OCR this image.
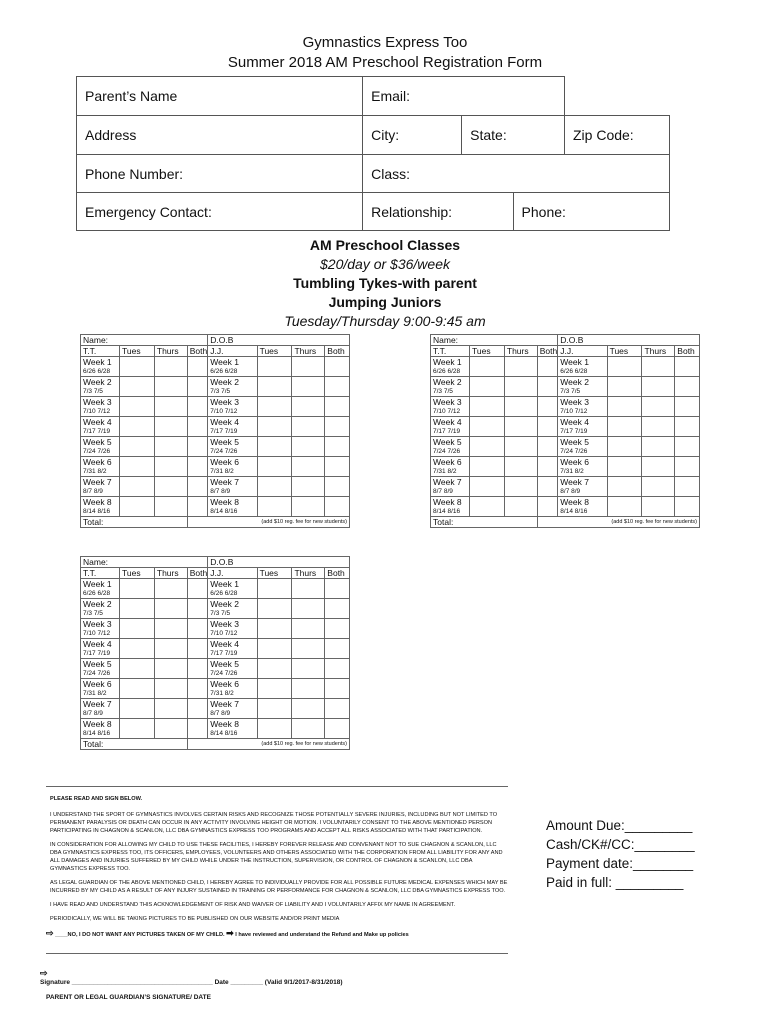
Gymnastics Express Too
Summer 2018 AM Preschool Registration Form
Parent’s Name	Email:			
Address	City:	State:		Zip Code:
Phone Number:	Class:			
Emergency Contact:	Relationship:		Phone:	
AM Preschool Classes
$20/day or $36/week
Tumbling Tykes-with parent
Jumping Juniors
Tuesday/Thursday 9:00-9:45 am
Name:				D.O.B			
T.T.	Tues	Thurs	Both	J.J.	Tues	Thurs	Both
Week 1				Week 1			
6/26 6/28				6/26 6/28			
Week 2				Week 2			
7/3 7/5				7/3 7/5			
Week 3				Week 3			
7/10 7/12				7/10 7/12			
Week 4				Week 4			
7/17 7/19				7/17 7/19			
Week 5				Week 5			
7/24 7/26				7/24 7/26			
Week 6				Week 6			
7/31 8/2				7/31 8/2			
Week 7				Week 7			
8/7 8/9				8/7 8/9			
Week 8				Week 8			
8/14 8/16				8/14 8/16			
Total:			(add $10 reg. fee for new students)				
Name:				D.O.B			
T.T.	Tues	Thurs	Both	J.J.	Tues	Thurs	Both
Week 1				Week 1			
6/26 6/28				6/26 6/28			
Week 2				Week 2			
7/3 7/5				7/3 7/5			
Week 3				Week 3			
7/10 7/12				7/10 7/12			
Week 4				Week 4			
7/17 7/19				7/17 7/19			
Week 5				Week 5			
7/24 7/26				7/24 7/26			
Week 6				Week 6			
7/31 8/2				7/31 8/2			
Week 7				Week 7			
8/7 8/9				8/7 8/9			
Week 8				Week 8			
8/14 8/16				8/14 8/16			
Total:			(add $10 reg. fee for new students)				
Name:				D.O.B			
T.T.	Tues	Thurs	Both	J.J.	Tues	Thurs	Both
Week 1				Week 1			
6/26 6/28				6/26 6/28			
Week 2				Week 2			
7/3 7/5				7/3 7/5			
Week 3				Week 3			
7/10 7/12				7/10 7/12			
Week 4				Week 4			
7/17 7/19				7/17 7/19			
Week 5				Week 5			
7/24 7/26				7/24 7/26			
Week 6				Week 6			
7/31 8/2				7/31 8/2			
Week 7				Week 7			
8/7 8/9				8/7 8/9			
Week 8				Week 8			
8/14 8/16				8/14 8/16			
Total:			(add $10 reg. fee for new students)				

PLEASE READ AND SIGN BELOW.

I UNDERSTAND THE SPORT OF GYMNASTICS INVOLVES CERTAIN RISKS AND RECOGNIZE THOSE POTENTIALLY SEVERE INJURIES, INCLUDING BUT NOT LIMITED TO PERMANENT PARALYSIS OR DEATH CAN OCCUR IN ANY ACTIVITY INVOLVING HEIGHT OR MOTION. I VOLUNTARILY CONSENT TO THE ABOVE MENTIONED PERSON PARTICIPATING IN CHAGNON & SCANLON, LLC DBA GYMNASTICS EXPRESS TOO PROGRAMS AND ACCEPT ALL RISKS ASSOCIATED WITH THAT PARTICIPATION.

IN CONSIDERATION FOR ALLOWING MY CHILD TO USE THESE FACILITIES, I HEREBY FOREVER RELEASE AND CONVENANT NOT TO SUE CHAGNON & SCANLON, LLC DBA GYMNASTICS EXPRESS TOO, ITS OFFICERS, EMPLOYEES, VOLUNTEERS AND OTHERS ASSOCIATED WITH THE CORPORATION FROM ALL LIABILITY FOR ANY AND ALL DAMAGES AND INJURIES SUFFERED BY MY CHILD WHILE UNDER THE INSTRUCTION, SUPERVISION, OR CONTROL OF CHAGNON & SCANLON, LLC DBA GYMNASTICS EXPRESS TOO.

AS LEGAL GUARDIAN OF THE ABOVE MENTIONED CHILD, I HEREBY AGREE TO INDIVIDUALLY PROVIDE FOR ALL POSSIBLE FUTURE MEDICAL EXPENSES WHICH MAY BE INCURRED BY MY CHILD AS A RESULT OF ANY INJURY SUSTAINED IN TRAINING OR PERFORMANCE FOR CHAGNON & SCANLON, LLC DBA GYMNASTICS EXPRESS TOO.

I HAVE READ AND UNDERSTAND THIS ACKNOWLEDGEMENT OF RISK AND WAIVER OF LIABILITY AND I VOLUNTARILY AFFIX MY NAME IN AGREEMENT.

PERIODICALLY, WE WILL BE TAKING PICTURES TO BE PUBLISHED ON OUR WEBSITE AND/OR PRINT MEDIA

⇨ ____NO, I DO NOT WANT ANY PICTURES TAKEN OF MY CHILD. ➡ I have reviewed and understand the Refund and Make up policies

Amount Due:_________
Cash/CK#/CC:________
Payment date:________
Paid in full: _________
⇨
Signature _______________________________________ Date _________ (Valid 9/1/2017-8/31/2018)
PARENT OR LEGAL GUARDIAN’S SIGNATURE/ DATE
